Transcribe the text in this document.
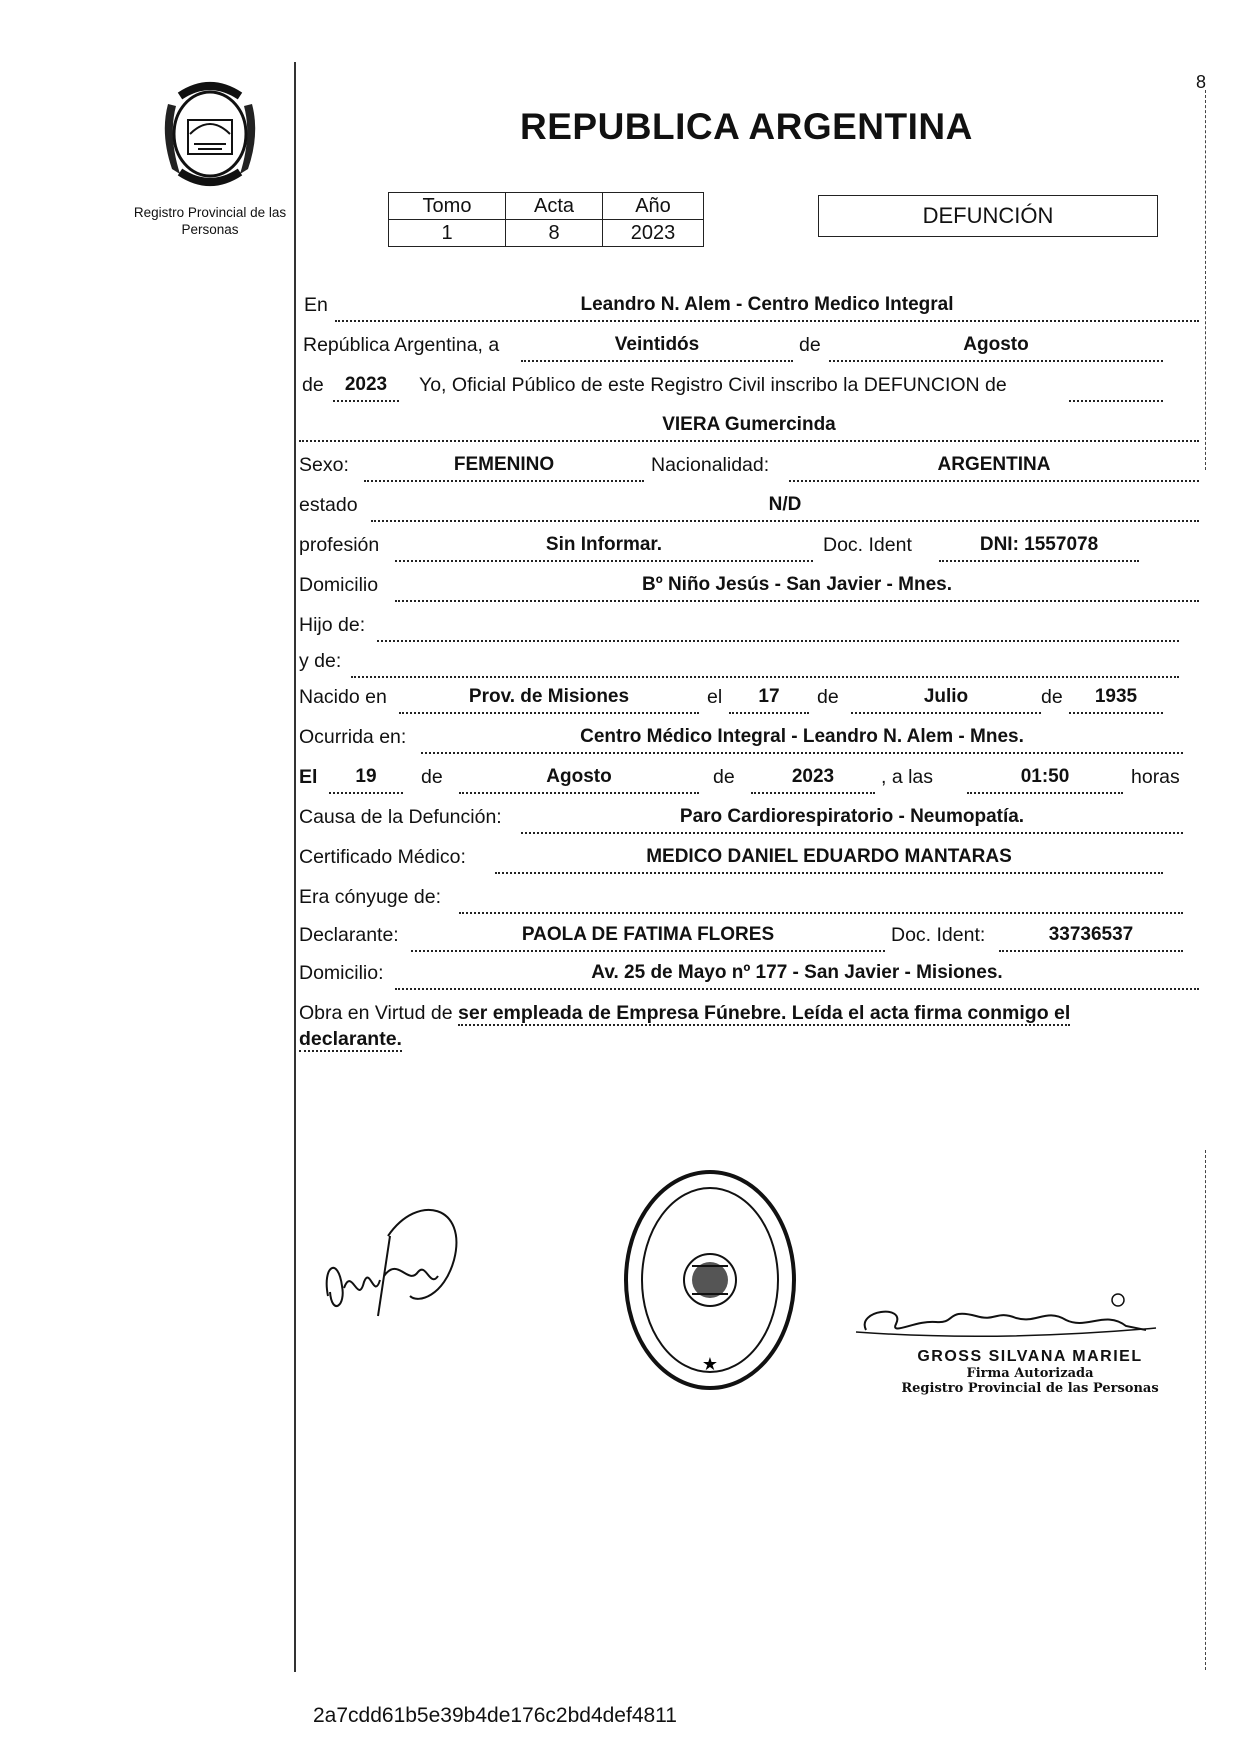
8
Registro Provincial de las Personas
REPUBLICA ARGENTINA
Tomo	Acta	Año
1	8	2023
DEFUNCIÓN
En	Leandro N. Alem - Centro Medico Integral
República Argentina, a	Veintidós	de	Agosto
de	2023	Yo, Oficial Público de este Registro Civil inscribo la DEFUNCION de
VIERA Gumercinda
Sexo:	FEMENINO	Nacionalidad:	ARGENTINA
estado	N/D
profesión	Sin Informar.	Doc. Ident	DNI: 1557078
Domicilio	Bº Niño Jesús - San Javier - Mnes.
Hijo de:
y de:
Nacido en	Prov. de Misiones	el	17	de	Julio	de	1935
Ocurrida en:	Centro Médico Integral - Leandro N. Alem - Mnes.
El	19	de	Agosto	de	2023	, a las	01:50	horas
Causa de la Defunción:	Paro Cardiorespiratorio - Neumopatía.
Certificado Médico:	MEDICO DANIEL EDUARDO MANTARAS
Era cónyuge de:
Declarante:	PAOLA DE FATIMA FLORES	Doc. Ident:	33736537
Domicilio:	Av. 25 de Mayo nº 177 - San Javier - Misiones.
Obra en Virtud de ser empleada de Empresa Fúnebre. Leída el acta firma conmigo el
declarante.
★	GROSS SILVANA MARIEL
Firma Autorizada
Registro Provincial de las Personas
2a7cdd61b5e39b4de176c2bd4def4811
